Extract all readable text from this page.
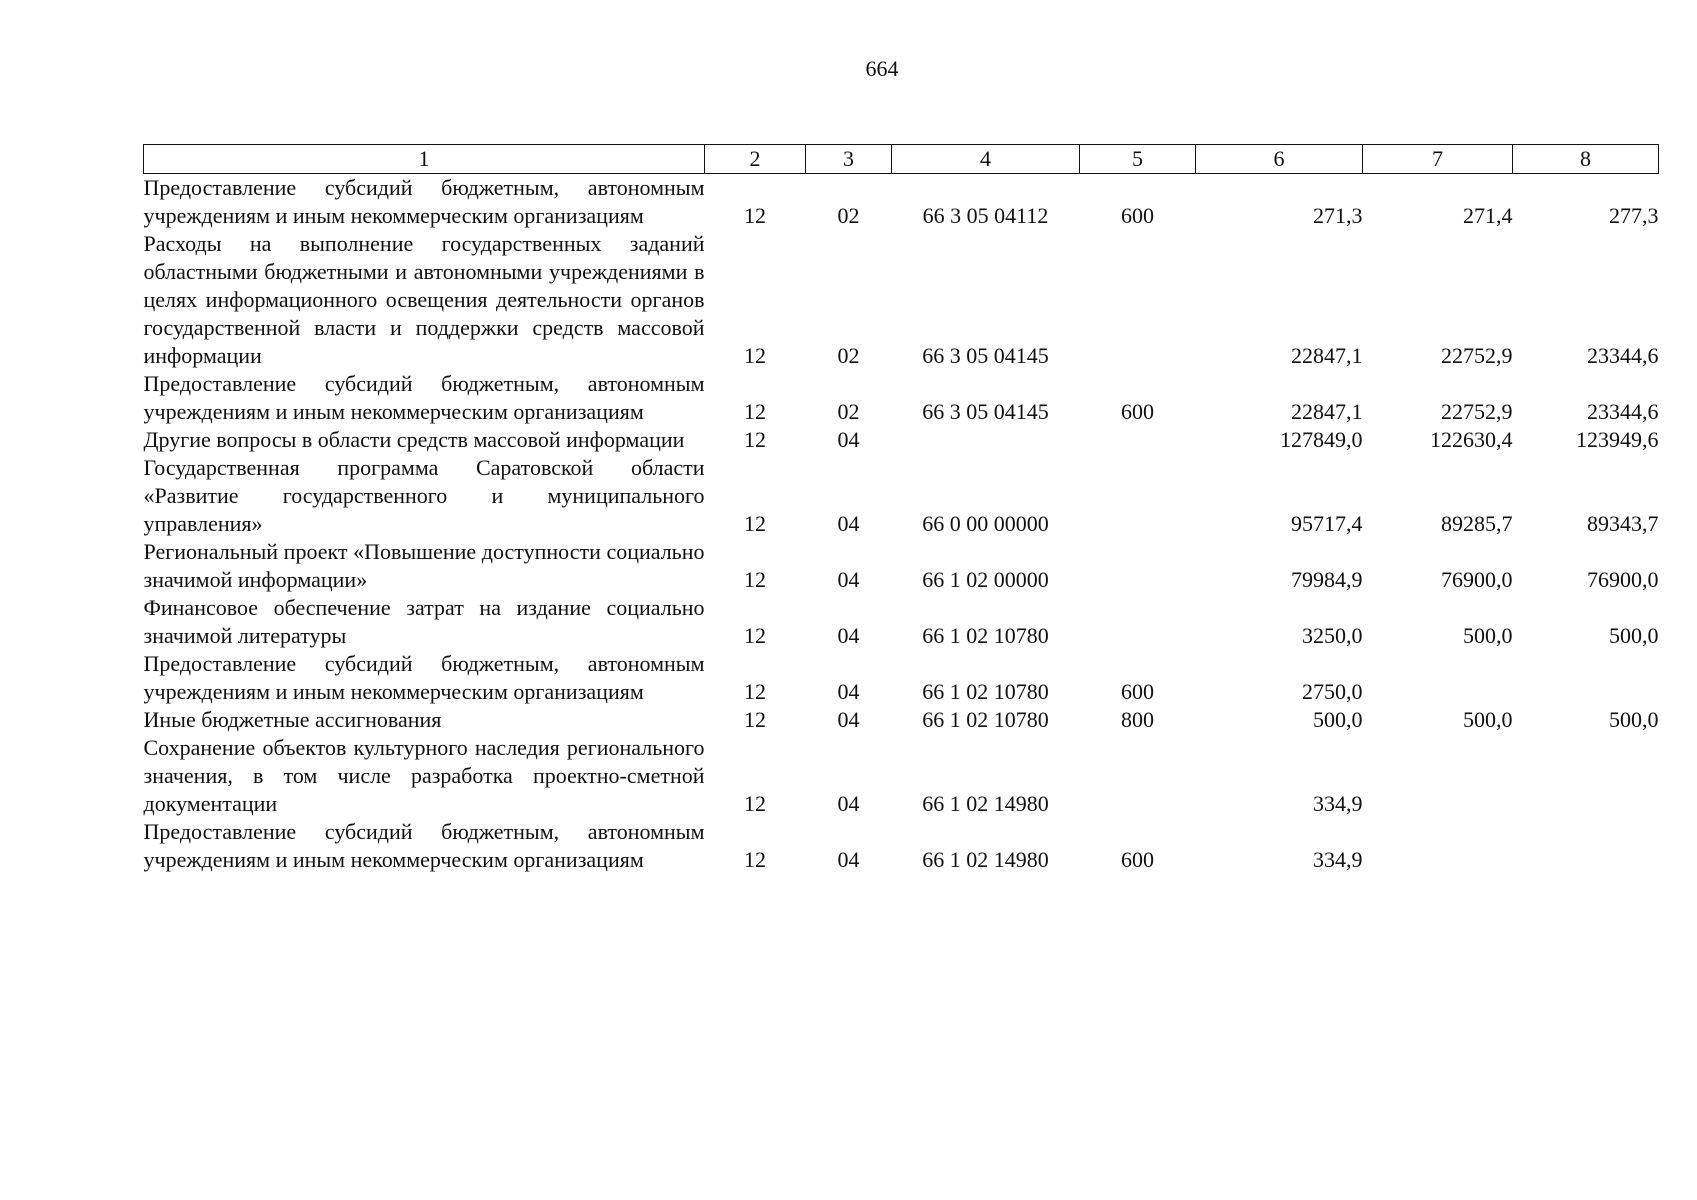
664
1	2	3	4	5	6	7	8
Предоставление субсидий бюджетным, автономным учреждениям и иным некоммерческим организациям	12	02	66 3 05 04112	600	271,3	271,4	277,3
Расходы на выполнение государственных заданий областными бюджетными и автономными учреждениями в целях информационного освещения деятельности органов государственной власти и поддержки средств массовой информации	12	02	66 3 05 04145		22847,1	22752,9	23344,6
Предоставление субсидий бюджетным, автономным учреждениям и иным некоммерческим организациям	12	02	66 3 05 04145	600	22847,1	22752,9	23344,6
Другие вопросы в области средств массовой информации	12	04			127849,0	122630,4	123949,6
Государственная программа Саратовской области «Развитие государственного и муниципального управления»	12	04	66 0 00 00000		95717,4	89285,7	89343,7
Региональный проект «Повышение доступности социально значимой информации»	12	04	66 1 02 00000		79984,9	76900,0	76900,0
Финансовое обеспечение затрат на издание социально значимой литературы	12	04	66 1 02 10780		3250,0	500,0	500,0
Предоставление субсидий бюджетным, автономным учреждениям и иным некоммерческим организациям	12	04	66 1 02 10780	600	2750,0		
Иные бюджетные ассигнования	12	04	66 1 02 10780	800	500,0	500,0	500,0
Сохранение объектов культурного наследия регионального значения, в том числе разработка проектно-сметной документации	12	04	66 1 02 14980		334,9		
Предоставление субсидий бюджетным, автономным учреждениям и иным некоммерческим организациям	12	04	66 1 02 14980	600	334,9		
